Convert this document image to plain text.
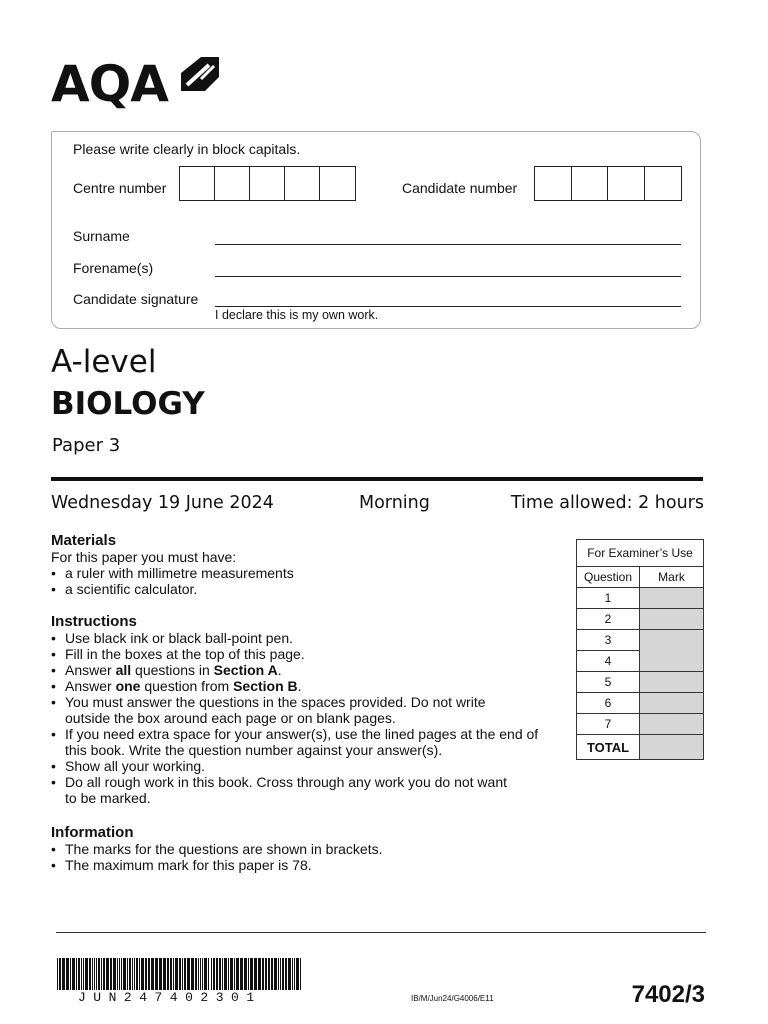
AQA
Please write clearly in block capitals.
Centre number	Candidate number
Surname
Forename(s)
Candidate signature
I declare this is my own work.
A-level
BIOLOGY
Paper 3
Wednesday 19 June 2024	Morning	Time allowed: 2 hours
Materials
For this paper you must have:
• a ruler with millimetre measurements
• a scientific calculator.
Instructions
• Use black ink or black ball-point pen.
• Fill in the boxes at the top of this page.
• Answer all questions in Section A.
• Answer one question from Section B.
• You must answer the questions in the spaces provided. Do not write
outside the box around each page or on blank pages.
• If you need extra space for your answer(s), use the lined pages at the end of
this book. Write the question number against your answer(s).
• Show all your working.
• Do all rough work in this book. Cross through any work you do not want
to be marked.
Information
• The marks for the questions are shown in brackets.
• The maximum mark for this paper is 78.
For Examiner’s Use	
Question	Mark
1	
2	
3	
4	
5	
6	
7	
TOTAL	
JUN247402301	IB/M/Jun24/G4006/E11	7402/3
